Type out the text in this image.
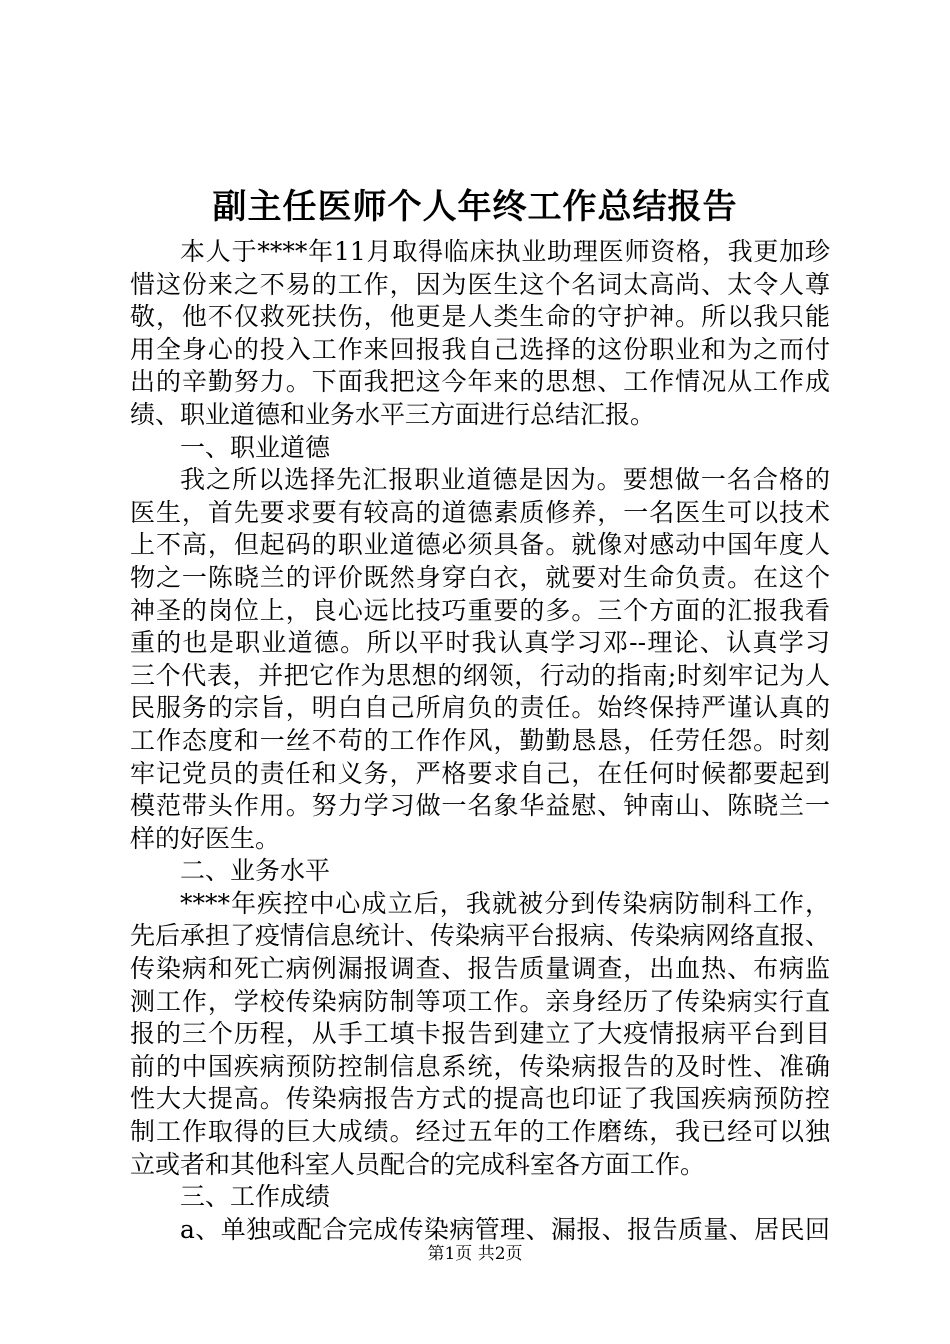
副主任医师个人年终工作总结报告
本人于****年11月取得临床执业助理医师资格，我更加珍
惜这份来之不易的工作，因为医生这个名词太高尚、太令人尊
敬，他不仅救死扶伤，他更是人类生命的守护神。所以我只能
用全身心的投入工作来回报我自己选择的这份职业和为之而付
出的辛勤努力。下面我把这今年来的思想、工作情况从工作成
绩、职业道德和业务水平三方面进行总结汇报。
一、职业道德
我之所以选择先汇报职业道德是因为。要想做一名合格的
医生，首先要求要有较高的道德素质修养，一名医生可以技术
上不高，但起码的职业道德必须具备。就像对感动中国年度人
物之一陈晓兰的评价既然身穿白衣，就要对生命负责。在这个
神圣的岗位上，良心远比技巧重要的多。三个方面的汇报我看
重的也是职业道德。所以平时我认真学习邓--理论、认真学习
三个代表，并把它作为思想的纲领，行动的指南;时刻牢记为人
民服务的宗旨，明白自己所肩负的责任。始终保持严谨认真的
工作态度和一丝不苟的工作作风，勤勤恳恳，任劳任怨。时刻
牢记党员的责任和义务，严格要求自己，在任何时候都要起到
模范带头作用。努力学习做一名象华益慰、钟南山、陈晓兰一
样的好医生。
二、业务水平
****年疾控中心成立后，我就被分到传染病防制科工作，
先后承担了疫情信息统计、传染病平台报病、传染病网络直报、
传染病和死亡病例漏报调查、报告质量调查，出血热、布病监
测工作，学校传染病防制等项工作。亲身经历了传染病实行直
报的三个历程，从手工填卡报告到建立了大疫情报病平台到目
前的中国疾病预防控制信息系统，传染病报告的及时性、准确
性大大提高。传染病报告方式的提高也印证了我国疾病预防控
制工作取得的巨大成绩。经过五年的工作磨练，我已经可以独
立或者和其他科室人员配合的完成科室各方面工作。
三、工作成绩
a、单独或配合完成传染病管理、漏报、报告质量、居民回
第1页 共2页
